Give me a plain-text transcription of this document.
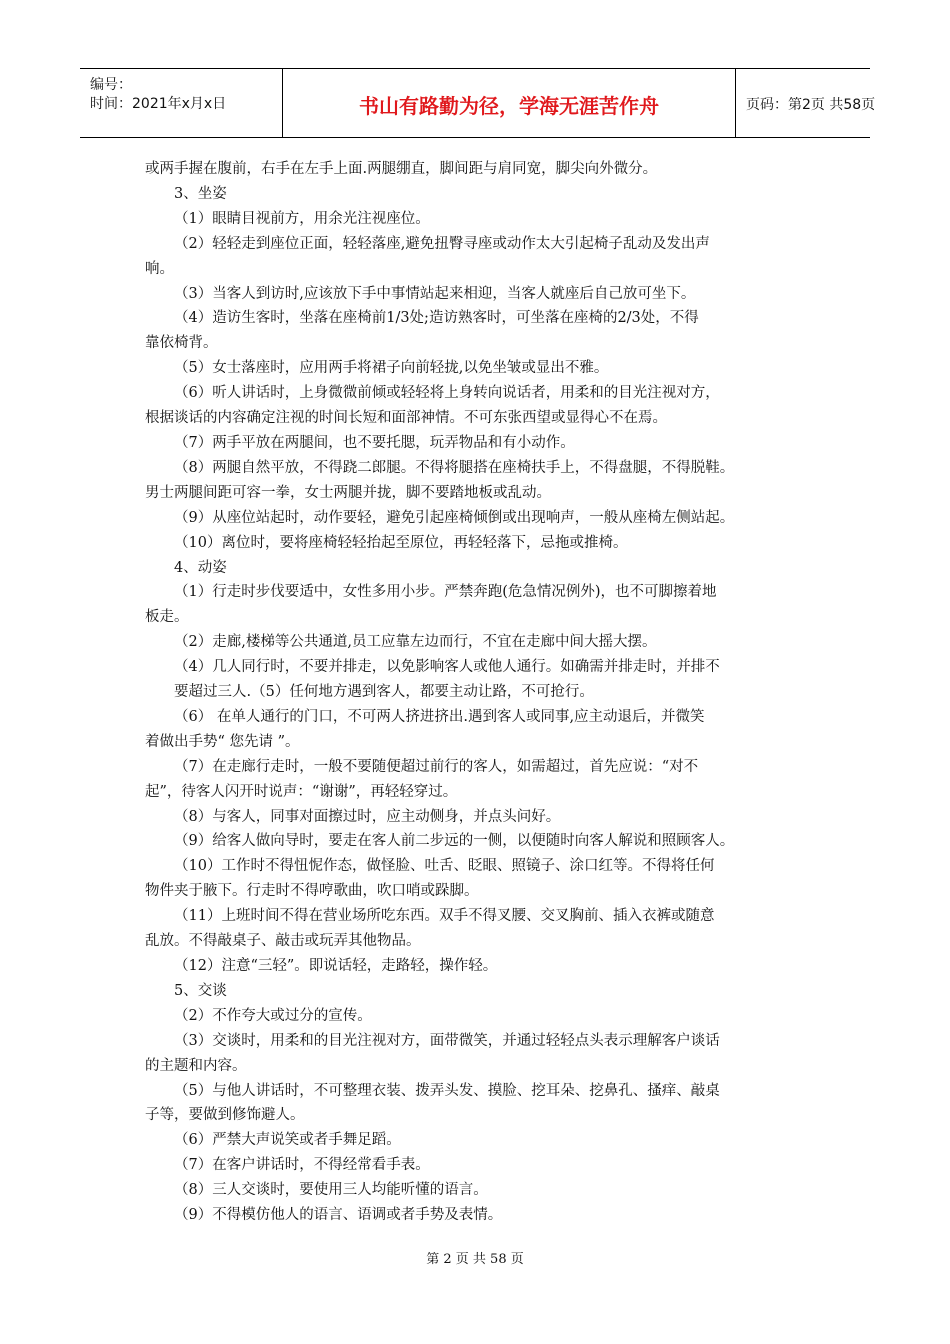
编号：
时间：2021年x月x日	书山有路勤为径，学海无涯苦作舟	页码：第2页 共58页

或两手握在腹前，右手在左手上面.两腿绷直，脚间距与肩同宽，脚尖向外微分。

3、坐姿

（1）眼睛目视前方，用余光注视座位。

（2）轻轻走到座位正面，轻轻落座,避免扭臀寻座或动作太大引起椅子乱动及发出声

响。

（3）当客人到访时,应该放下手中事情站起来相迎，当客人就座后自己放可坐下。

（4）造访生客时，坐落在座椅前1/3处;造访熟客时，可坐落在座椅的2/3处，不得

靠依椅背。

（5）女士落座时，应用两手将裙子向前轻拢,以免坐皱或显出不雅。

（6）听人讲话时，上身微微前倾或轻轻将上身转向说话者，用柔和的目光注视对方，

根据谈话的内容确定注视的时间长短和面部神情。不可东张西望或显得心不在焉。

（7）两手平放在两腿间，也不要托腮，玩弄物品和有小动作。

（8）两腿自然平放，不得跷二郎腿。不得将腿搭在座椅扶手上，不得盘腿，不得脱鞋。

男士两腿间距可容一拳，女士两腿并拢，脚不要踏地板或乱动。

（9）从座位站起时，动作要轻，避免引起座椅倾倒或出现响声，一般从座椅左侧站起。

（10）离位时，要将座椅轻轻抬起至原位，再轻轻落下，忌拖或推椅。

4、动姿

（1）行走时步伐要适中，女性多用小步。严禁奔跑(危急情况例外)，也不可脚擦着地

板走。

（2）走廊,楼梯等公共通道,员工应靠左边而行，不宜在走廊中间大摇大摆。

（4）几人同行时，不要并排走，以免影响客人或他人通行。如确需并排走时，并排不

要超过三人.（5）任何地方遇到客人，都要主动让路，不可抢行。

（6） 在单人通行的门口，不可两人挤进挤出.遇到客人或同事,应主动退后，并微笑

着做出手势“ 您先请 ”。

（7）在走廊行走时，一般不要随便超过前行的客人，如需超过，首先应说：“对不

起”，待客人闪开时说声：“谢谢”，再轻轻穿过。

（8）与客人，同事对面擦过时，应主动侧身，并点头问好。

（9）给客人做向导时，要走在客人前二步远的一侧，以便随时向客人解说和照顾客人。

（10）工作时不得忸怩作态，做怪脸、吐舌、眨眼、照镜子、涂口红等。不得将任何

物件夹于腋下。行走时不得哼歌曲，吹口哨或跺脚。

（11）上班时间不得在营业场所吃东西。双手不得叉腰、交叉胸前、插入衣裤或随意

乱放。不得敲桌子、敲击或玩弄其他物品。

（12）注意“三轻”。即说话轻，走路轻，操作轻。

5、交谈

（2）不作夸大或过分的宣传。

（3）交谈时，用柔和的目光注视对方，面带微笑，并通过轻轻点头表示理解客户谈话

的主题和内容。

（5）与他人讲话时，不可整理衣装、拨弄头发、摸脸、挖耳朵、挖鼻孔、搔痒、敲桌

子等，要做到修饰避人。

（6）严禁大声说笑或者手舞足蹈。

（7）在客户讲话时，不得经常看手表。

（8）三人交谈时，要使用三人均能听懂的语言。

（9）不得模仿他人的语言、语调或者手势及表情。

第 2 页 共 58 页
